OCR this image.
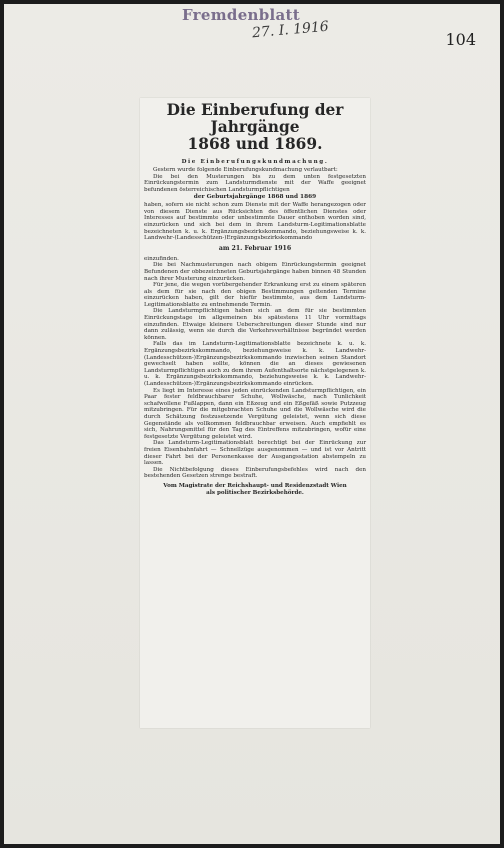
Fremdenblatt
27. I. 1916	104
Die Einberufung der Jahrgänge
1868 und 1869.
Die Einberufungskundmachung.

Gestern wurde folgende Einberufungskundmachung verlautbart:

Die bei den Musterungen bis zu dem unten festgesetzten Einrückungstermin zum Landsturmdienste mit der Waffe geeignet befundenen österreichischen Landsturmpflichtigen

der Geburtsjahrgänge 1868 und 1869

haben, sofern sie nicht schon zum Dienste mit der Waffe herangezogen oder von diesem Dienste aus Rücksichten des öffentlichen Dienstes oder Interesses auf bestimmte oder unbestimmte Dauer enthoben worden sind, einzurücken und sich bei dem in ihrem Landsturm-Legitimationsblatte bezeichneten k. u. k. Ergänzungsbezirkskommando, beziehungsweise k. k. Landwehr-(Landesschützen-)Ergänzungsbezirkskommando

am 21. Februar 1916

einzufinden.

Die bei Nachmusterungen nach obigem Einrückungstermin geeignet Befundenen der obbezeichneten Geburtsjahrgänge haben binnen 48 Stunden nach ihrer Musterung einzurücken.

Für jene, die wegen vorübergehender Erkrankung erst zu einem späteren als dem für sie nach den obigen Bestimmungen geltenden Termine einzurücken haben, gilt der hiefür bestimmte, aus dem Landsturm-Legitimationsblatte zu entnehmende Termin.

Die Landsturmpflichtigen haben sich an dem für sie bestimmten Einrückungstage im allgemeinen bis spätestens 11 Uhr vormittags einzufinden. Etwaige kleinere Ueberschreitungen dieser Stunde sind nur dann zulässig, wenn sie durch die Verkehrsverhältnisse begründet werden können.

Falls das im Landsturm-Legitimationsblatte bezeichnete k. u. k. Ergänzungsbezirkskommando, beziehungsweise k. k. Landwehr- (Landesschützen-)Ergänzungsbezirkskommando inzwischen seinen Standort gewechselt haben sollte, können die an dieses gewiesenen Landsturmpflichtigen auch zu dem ihrem Aufenthaltsorte nächstgelegenen k. u. k. Ergänzungsbezirkskommando, beziehungsweise k. k. Landwehr-(Landesschützen-)Ergänzungsbezirkskommando einrücken.

Es liegt im Interesse eines jeden einrückenden Landsturmpflichtigen, ein Paar fester feldbrauchbarer Schuhe, Wollwäsche, nach Tunlichkeit schafwollene Fußlappen, dann ein Eßzeug und ein Eßgefäß sowie Putzzeug mitzubringen. Für die mitgebrachten Schuhe und die Wollwäsche wird die durch Schätzung festzusetzende Vergütung geleistet, wenn sich diese Gegenstände als vollkommen feldbrauchbar erweisen. Auch empfiehlt es sich, Nahrungsmittel für den Tag des Eintreffens mitzubringen, wofür eine festgesetzte Vergütung geleistet wird.

Das Landsturm-Legitimationsblatt berechtigt bei der Einrückung zur freien Eisenbahnfahrt — Schnellzüge ausgenommen — und ist vor Antritt dieser Fahrt bei der Personenkasse der Ausgangsstation abstempeln zu lassen.

Die Nichtbefolgung dieses Einberufungsbefehles wird nach den bestehenden Gesetzen strenge bestraft.

Vom Magistrate der Reichshaupt- und Residenzstadt Wien
als politischer Bezirksbehörde.
